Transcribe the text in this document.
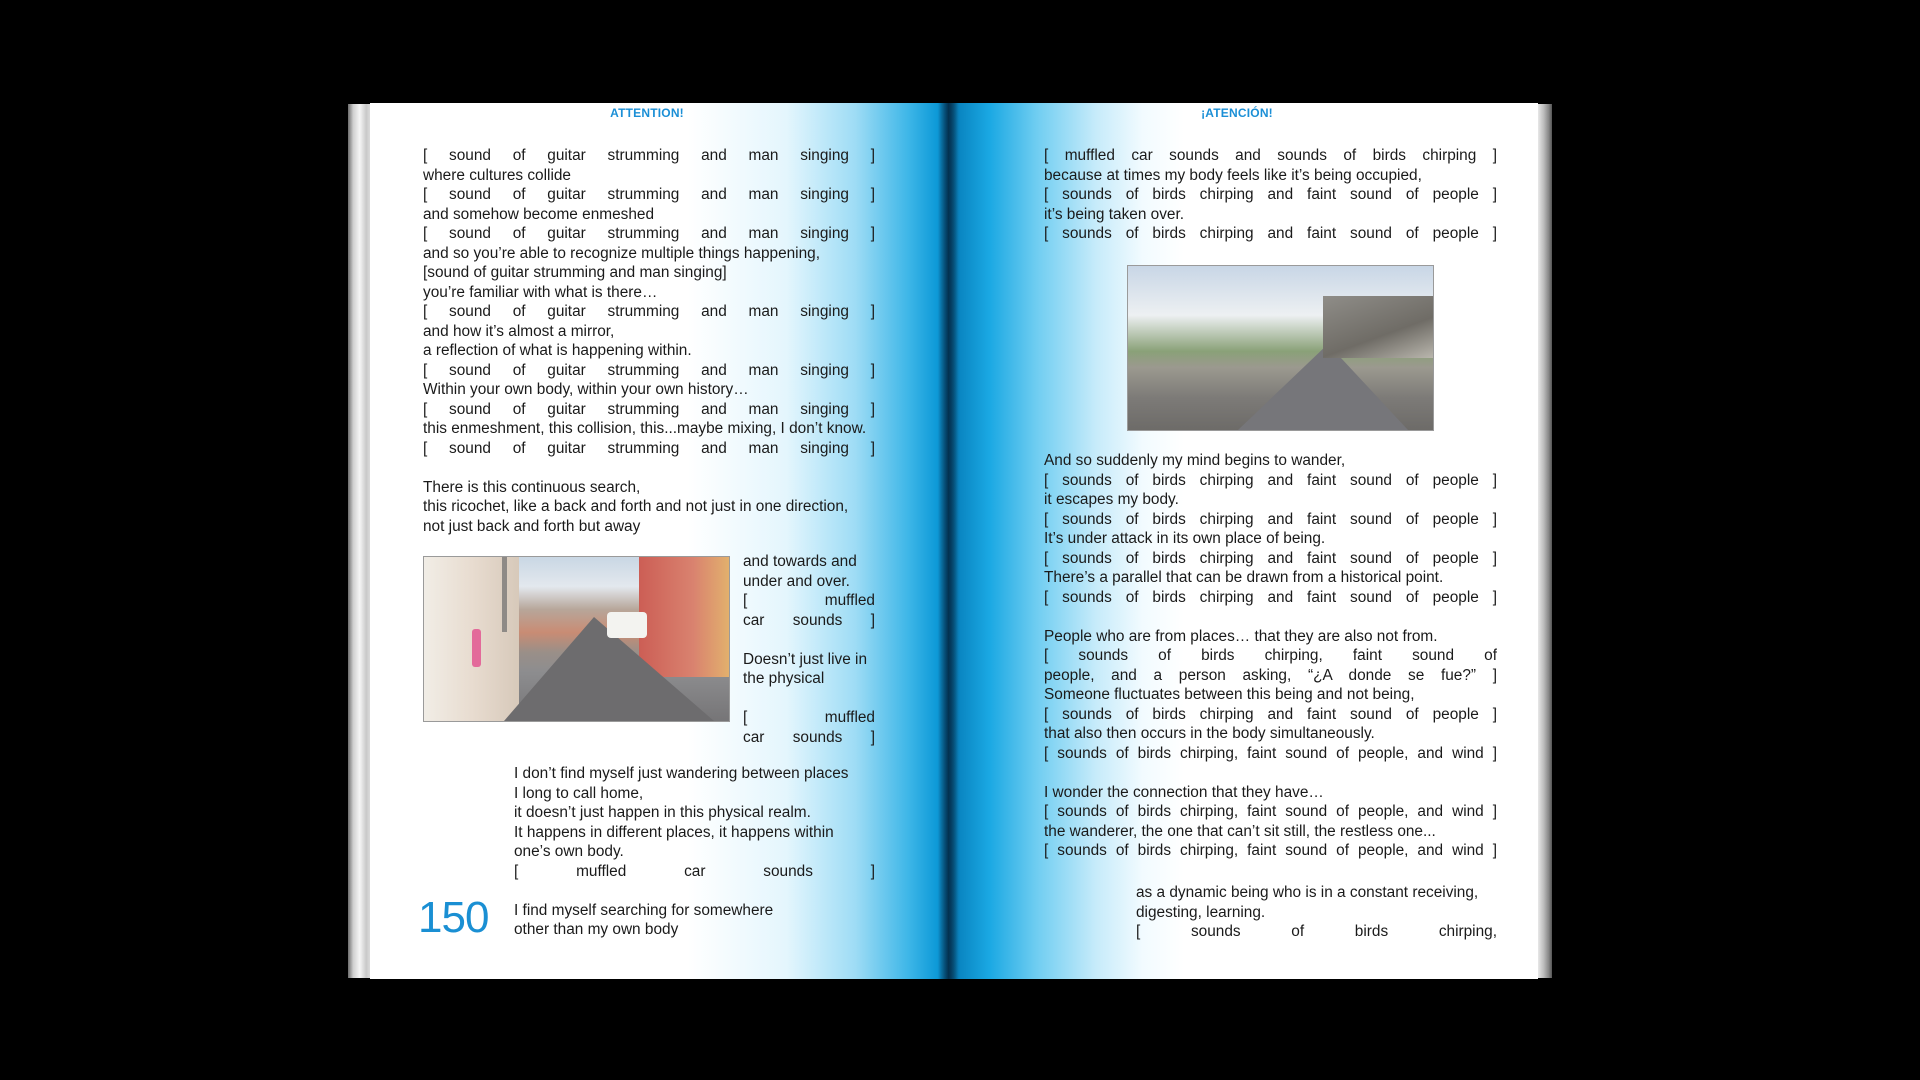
ATTENTION!	¡ATENCIÓN!
[ sound of guitar strumming and man singing ]
where cultures collide
[ sound of guitar strumming and man singing ]
and somehow become enmeshed
[ sound of guitar strumming and man singing ]
and so you’re able to recognize multiple things happening,
[sound of guitar strumming and man singing]
you’re familiar with what is there…
[ sound of guitar strumming and man singing ]
and how it’s almost a mirror,
a reflection of what is happening within.
[ sound of guitar strumming and man singing ]
Within your own body, within your own history…
[ sound of guitar strumming and man singing ]
this enmeshment, this collision, this...maybe mixing, I don’t know.
[ sound of guitar strumming and man singing ]
There is this continuous search,
this ricochet, like a back and forth and not just in one direction,
not just back and forth but away
and towards and
under and over.
[ muffled
car sounds ]
Doesn’t just live in
the physical
[ muffled
car sounds ]
I don’t find myself just wandering between places
I long to call home,
it doesn’t just happen in this physical realm.
It happens in different places, it happens within
one’s own body.
[ muffled car sounds ]
I find myself searching for somewhere
other than my own body
150
[ muffled car sounds and sounds of birds chirping ]
because at times my body feels like it’s being occupied,
[ sounds of birds chirping and faint sound of people ]
it’s being taken over.
[ sounds of birds chirping and faint sound of people ]
And so suddenly my mind begins to wander,
[ sounds of birds chirping and faint sound of people ]
it escapes my body.
[ sounds of birds chirping and faint sound of people ]
It’s under attack in its own place of being.
[ sounds of birds chirping and faint sound of people ]
There’s a parallel that can be drawn from a historical point.
[ sounds of birds chirping and faint sound of people ]
People who are from places… that they are also not from.
[ sounds of birds chirping, faint sound of
people, and a person asking, “¿A donde se fue?” ]
Someone fluctuates between this being and not being,
[ sounds of birds chirping and faint sound of people ]
that also then occurs in the body simultaneously.
[ sounds of birds chirping, faint sound of people, and wind ]
I wonder the connection that they have…
[ sounds of birds chirping, faint sound of people, and wind ]
the wanderer, the one that can’t sit still, the restless one...
[ sounds of birds chirping, faint sound of people, and wind ]
as a dynamic being who is in a constant receiving,
digesting, learning.
[ sounds of birds chirping,
